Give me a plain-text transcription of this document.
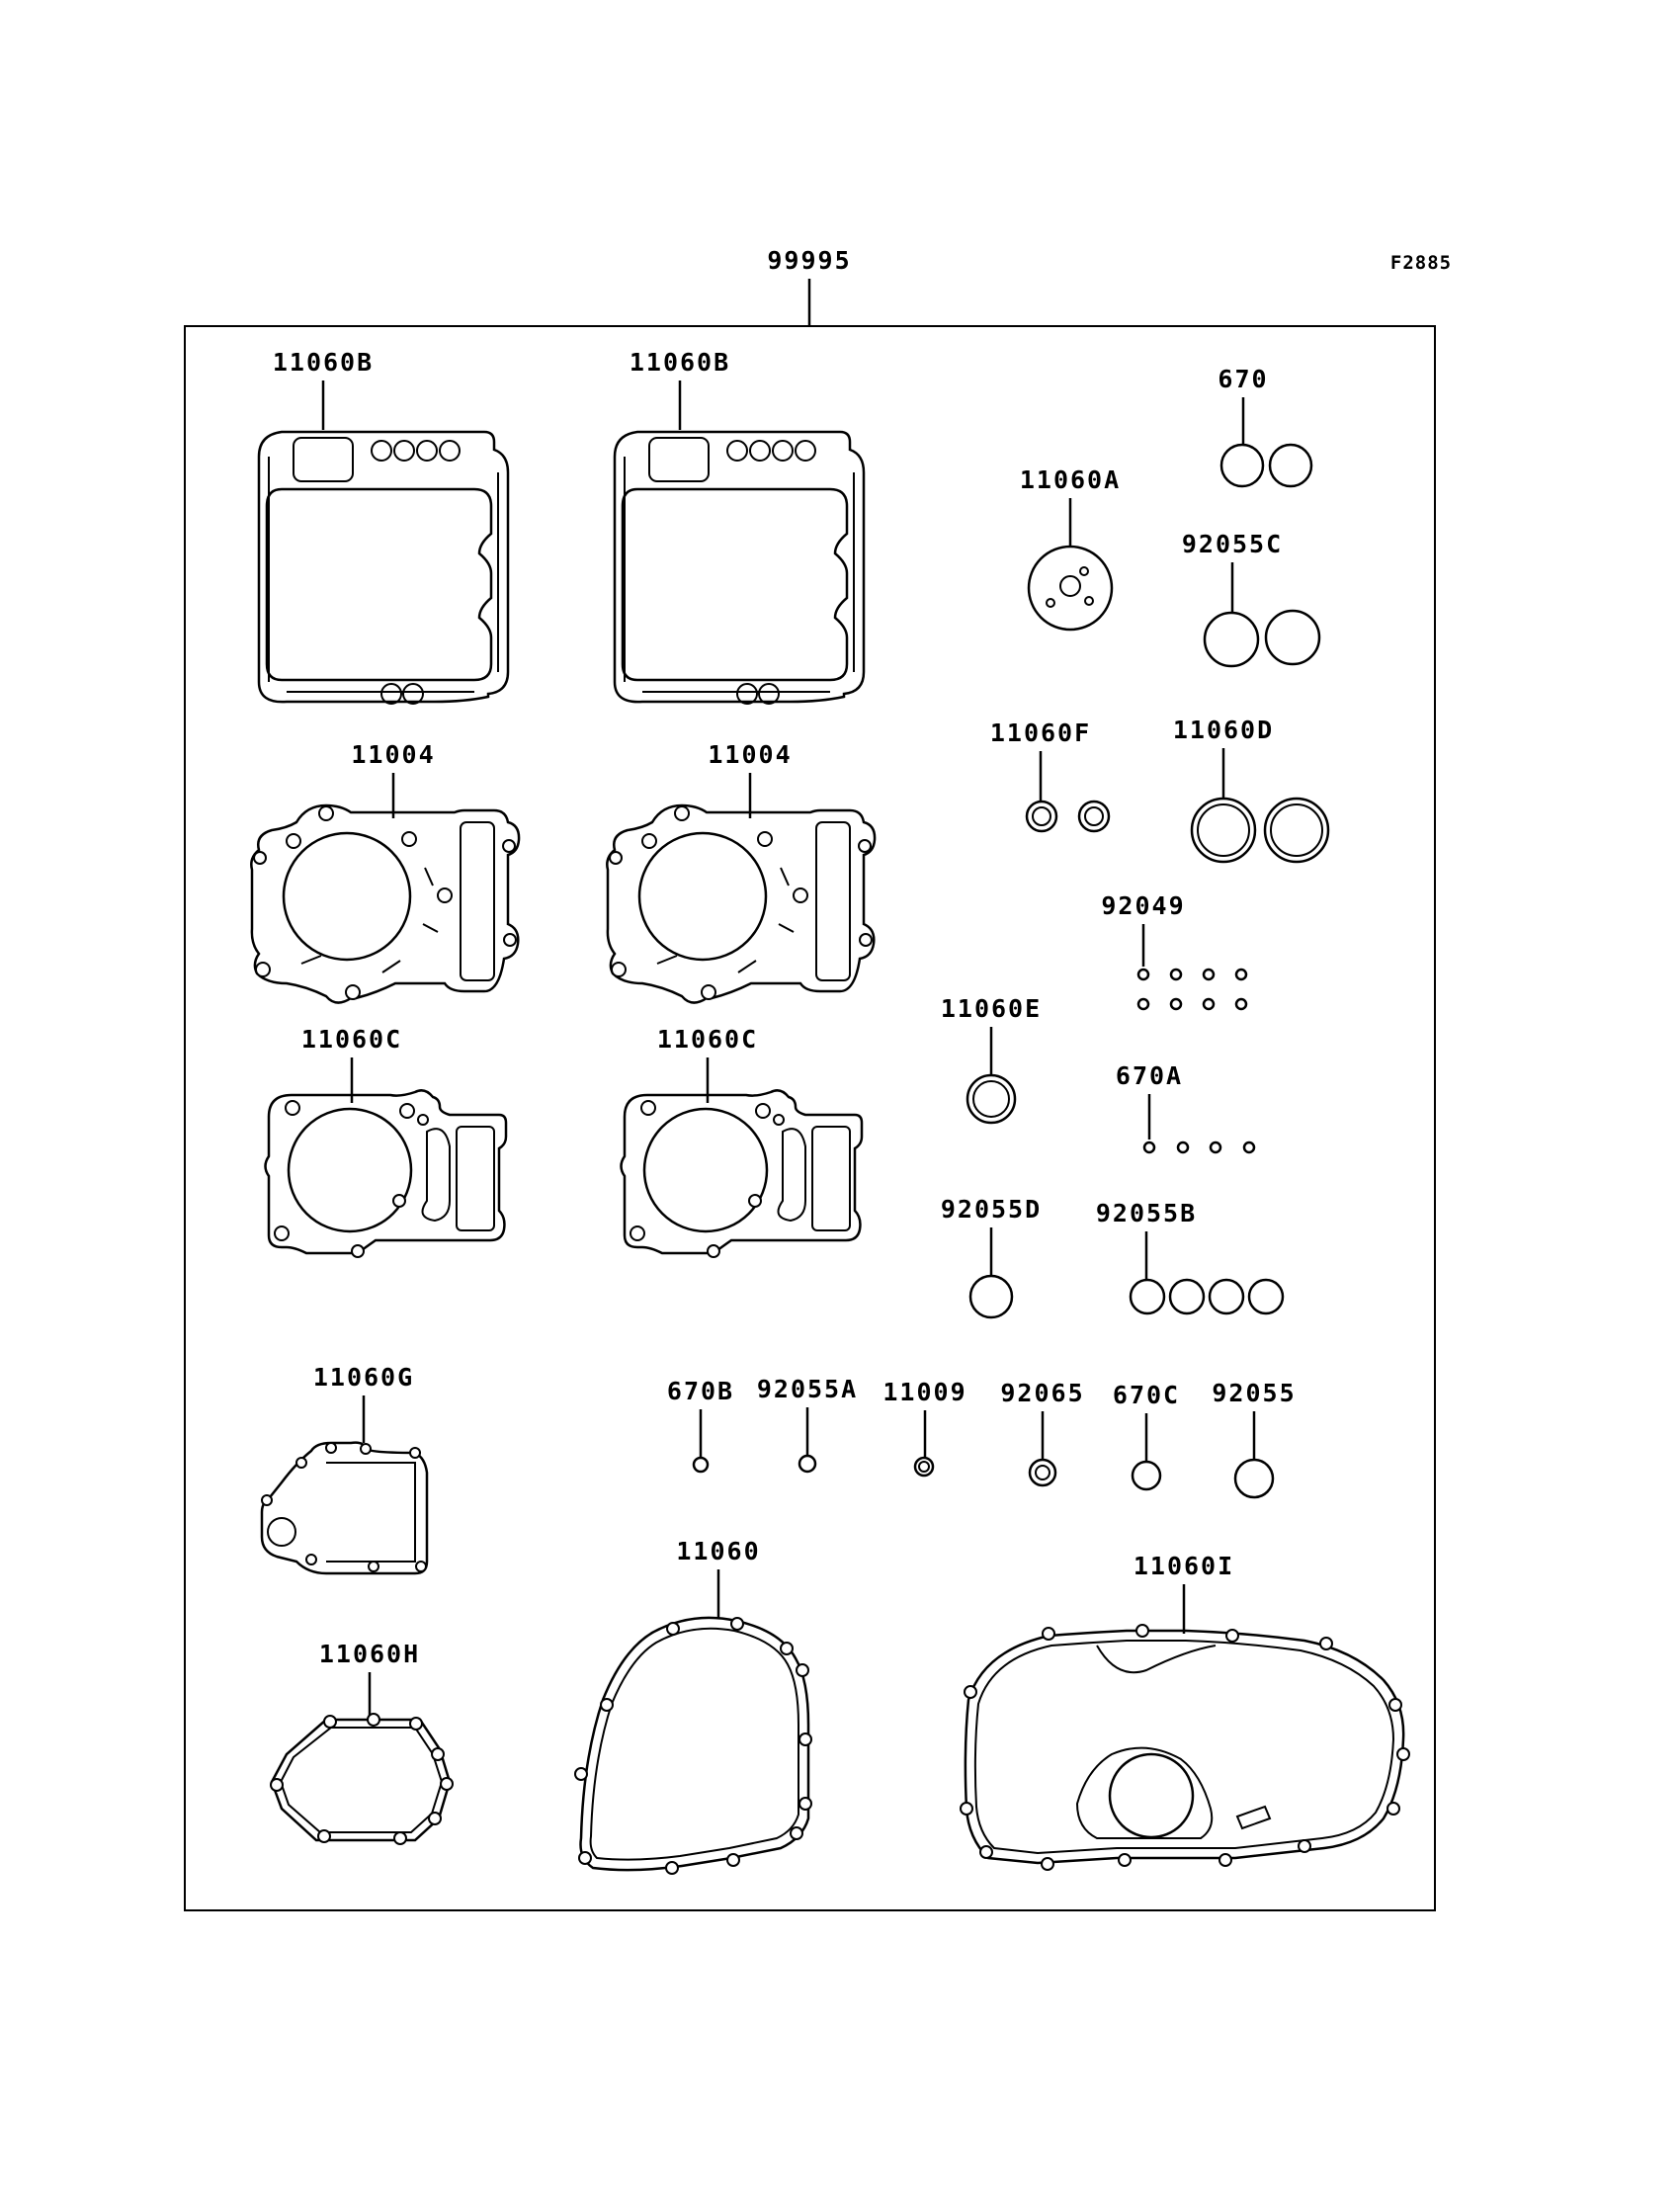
99995	F2885
11060B	11060B
670
11060A
92055C
11004	11004
11060F	11060D
92049
11060C	11060C
11060E
670A
92055D 92055B
11060G	670B 92055A 11009 92065 670C 92055
11060H
11060
11060I
